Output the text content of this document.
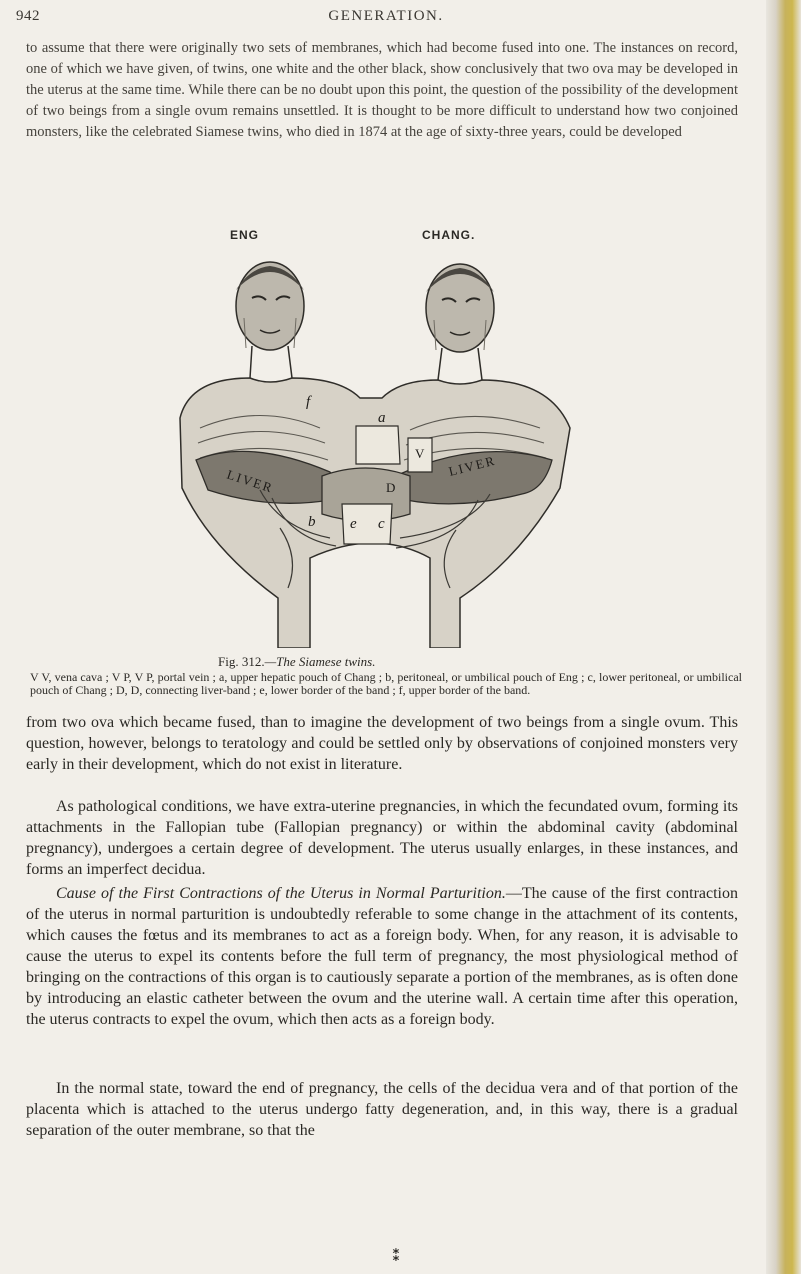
942	GENERATION.

to assume that there were originally two sets of membranes, which had become fused into one. The instances on record, one of which we have given, of twins, one white and the other black, show conclusively that two ova may be developed in the uterus at the same time. While there can be no doubt upon this point, the question of the possibility of the development of two beings from a single ovum remains unsettled. It is thought to be more difficult to understand how two conjoined monsters, like the celebrated Siamese twins, who died in 1874 at the age of sixty-three years, could be developed

ENG	CHANG.
f
a
V
LIVER
LIVER
b e c
D
Fig. 312.—The Siamese twins.

V V, vena cava ; V P, V P, portal vein ; a, upper hepatic pouch of Chang ; b, peritoneal, or umbilical pouch of Eng ; c, lower peritoneal, or umbilical pouch of Chang ; D, D, connecting liver-band ; e, lower border of the band ; f, upper border of the band.

from two ova which became fused, than to imagine the development of two beings from a single ovum. This question, however, belongs to teratology and could be settled only by observations of conjoined monsters very early in their development, which do not exist in literature.

As pathological conditions, we have extra-uterine pregnancies, in which the fecundated ovum, forming its attachments in the Fallopian tube (Fallopian pregnancy) or within the abdominal cavity (abdominal pregnancy), undergoes a certain degree of development. The uterus usually enlarges, in these instances, and forms an imperfect decidua.

Cause of the First Contractions of the Uterus in Normal Parturition.—The cause of the first contraction of the uterus in normal parturition is undoubtedly referable to some change in the attachment of its contents, which causes the fœtus and its membranes to act as a foreign body. When, for any reason, it is advisable to cause the uterus to expel its contents before the full term of pregnancy, the most physiological method of bringing on the contractions of this organ is to cautiously separate a portion of the membranes, as is often done by introducing an elastic catheter between the ovum and the uterine wall. A certain time after this operation, the uterus contracts to expel the ovum, which then acts as a foreign body.

In the normal state, toward the end of pregnancy, the cells of the decidua vera and of that portion of the placenta which is attached to the uterus undergo fatty degeneration, and, in this way, there is a gradual separation of the outer membrane, so that the

⁑
